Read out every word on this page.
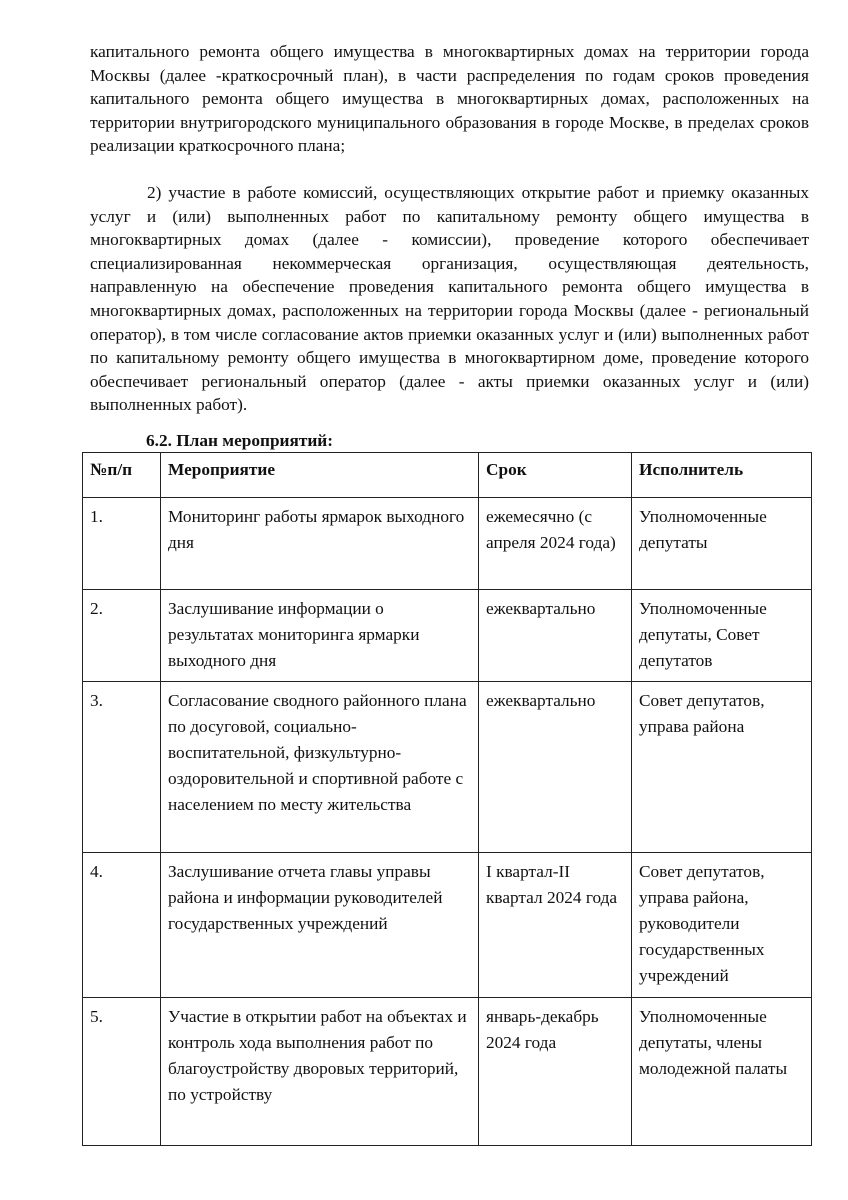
капитального ремонта общего имущества в многоквартирных домах на территории города Москвы (далее -краткосрочный план), в части распределения по годам сроков проведения капитального ремонта общего имущества в многоквартирных домах, расположенных на территории внутригородского муниципального образования в городе Москве, в пределах сроков реализации краткосрочного плана;

2) участие в работе комиссий, осуществляющих открытие работ и приемку оказанных услуг и (или) выполненных работ по капитальному ремонту общего имущества в многоквартирных домах (далее - комиссии), проведение которого обеспечивает специализированная некоммерческая организация, осуществляющая деятельность, направленную на обеспечение проведения капитального ремонта общего имущества в многоквартирных домах, расположенных на территории города Москвы (далее - региональный оператор), в том числе согласование актов приемки оказанных услуг и (или) выполненных работ по капитальному ремонту общего имущества в многоквартирном доме, проведение которого обеспечивает региональный оператор (далее - акты приемки оказанных услуг и (или) выполненных работ).

6.2. План мероприятий:

№п/п	Мероприятие	Срок	Исполнитель
1.	Мониторинг работы ярмарок выходного дня	ежемесячно (с апреля 2024 года)	Уполномоченные депутаты
2.	Заслушивание информации о результатах мониторинга ярмарки выходного дня	ежеквартально	Уполномоченные депутаты, Совет депутатов
3.	Согласование сводного районного плана по досуговой, социально-воспитательной, физкультурно-оздоровительной и спортивной работе с населением по месту жительства	ежеквартально	Совет депутатов, управа района
4.	Заслушивание отчета главы управы района и информации руководителей государственных учреждений	I квартал-II квартал 2024 года	Совет депутатов, управа района, руководители государственных учреждений
5.	Участие в открытии работ на объектах и контроль хода выполнения работ по благоустройству дворовых территорий, по устройству	январь-декабрь 2024 года	Уполномоченные депутаты, члены молодежной палаты
